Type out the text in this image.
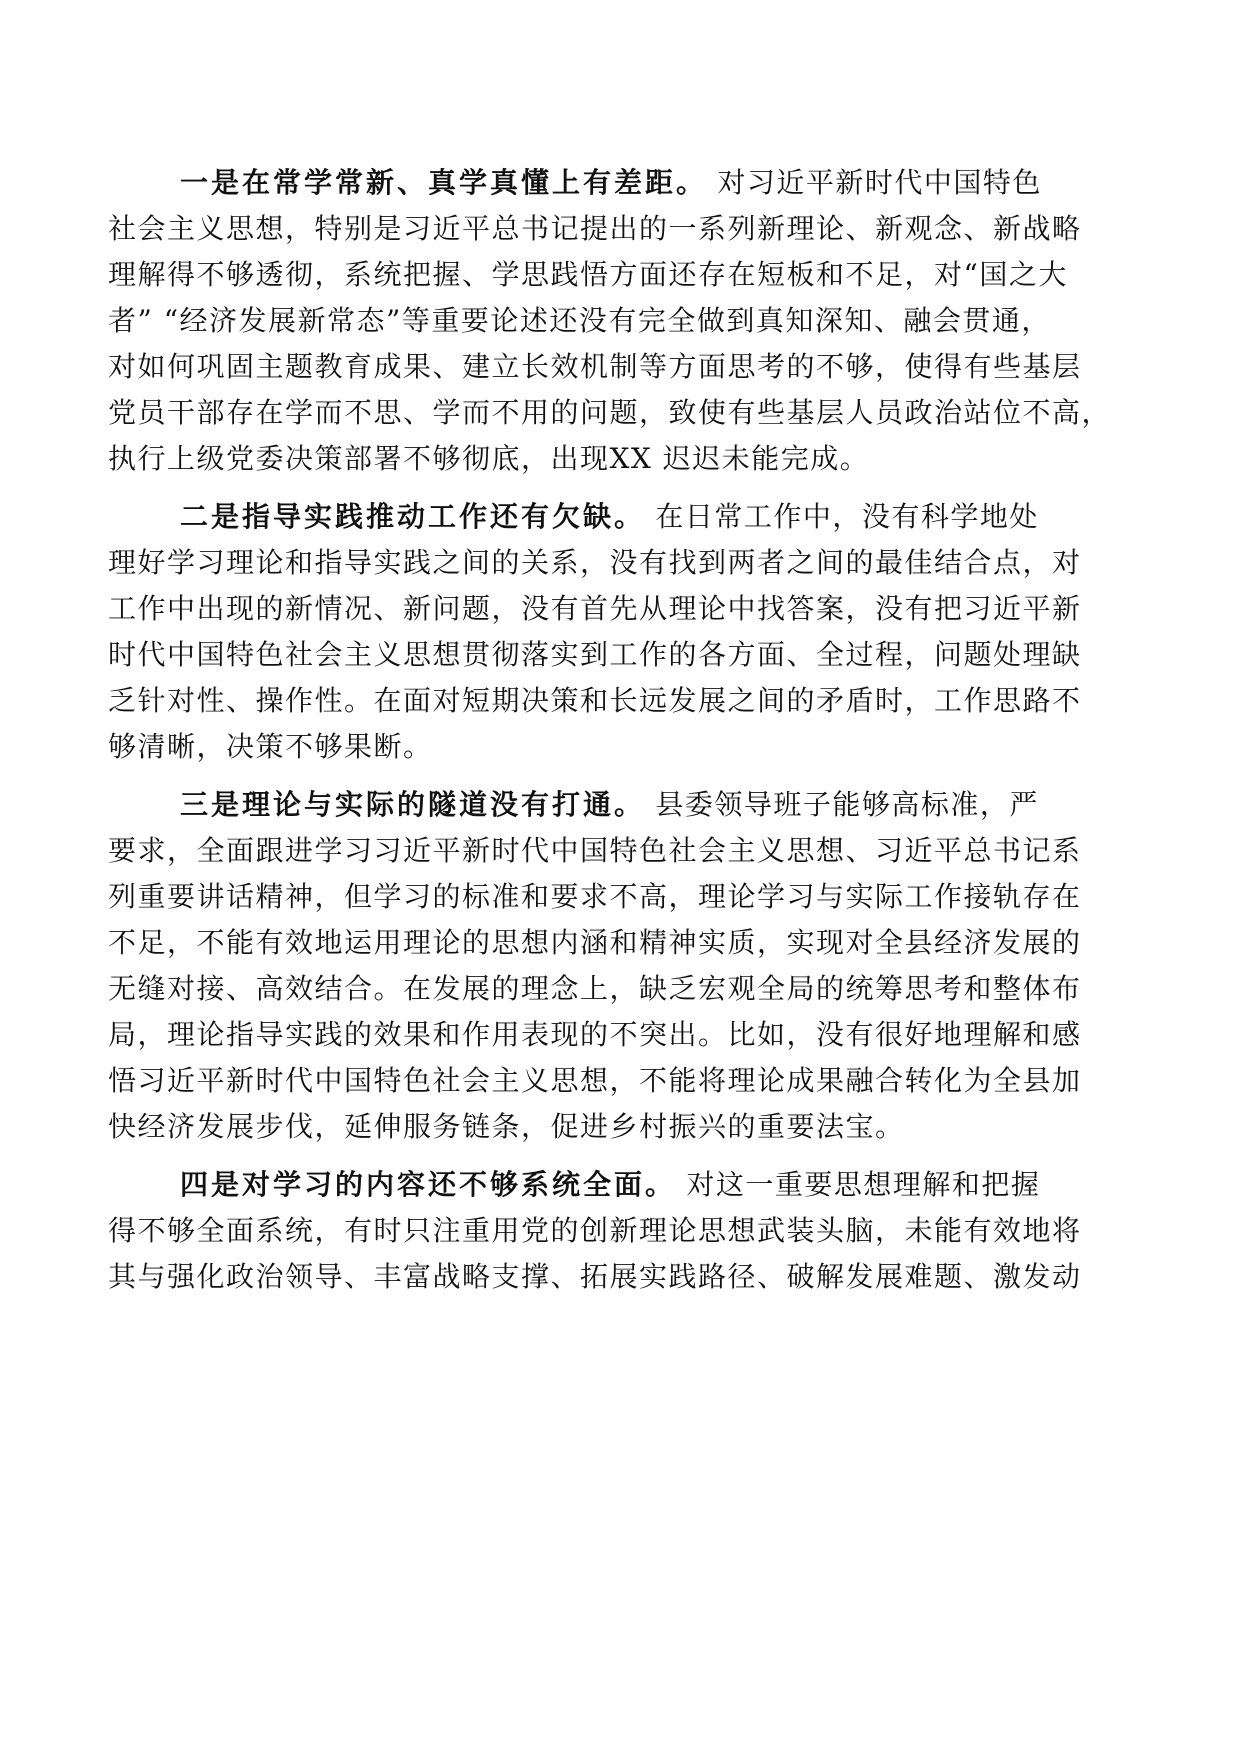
一是在常学常新、真学真懂上有差距。 对习近平新时代中国特色
社会主义思想，特别是习近平总书记提出的一系列新理论、新观念、新战略
理解得不够透彻，系统把握、学思践悟方面还存在短板和不足，对“国之大
者” “经济发展新常态”等重要论述还没有完全做到真知深知、融会贯通，
对如何巩固主题教育成果、建立长效机制等方面思考的不够，使得有些基层
党员干部存在学而不思、学而不用的问题，致使有些基层人员政治站位不高，
执行上级党委决策部署不够彻底，出现XX 迟迟未能完成。
二是指导实践推动工作还有欠缺。 在日常工作中，没有科学地处
理好学习理论和指导实践之间的关系，没有找到两者之间的最佳结合点，对
工作中出现的新情况、新问题，没有首先从理论中找答案，没有把习近平新
时代中国特色社会主义思想贯彻落实到工作的各方面、全过程，问题处理缺
乏针对性、操作性。在面对短期决策和长远发展之间的矛盾时，工作思路不
够清晰，决策不够果断。
三是理论与实际的隧道没有打通。 县委领导班子能够高标准，严
要求，全面跟进学习习近平新时代中国特色社会主义思想、习近平总书记系
列重要讲话精神，但学习的标准和要求不高，理论学习与实际工作接轨存在
不足，不能有效地运用理论的思想内涵和精神实质，实现对全县经济发展的
无缝对接、高效结合。在发展的理念上，缺乏宏观全局的统筹思考和整体布
局，理论指导实践的效果和作用表现的不突出。比如，没有很好地理解和感
悟习近平新时代中国特色社会主义思想，不能将理论成果融合转化为全县加
快经济发展步伐，延伸服务链条，促进乡村振兴的重要法宝。
四是对学习的内容还不够系统全面。 对这一重要思想理解和把握
得不够全面系统，有时只注重用党的创新理论思想武装头脑，未能有效地将
其与强化政治领导、丰富战略支撑、拓展实践路径、破解发展难题、激发动
